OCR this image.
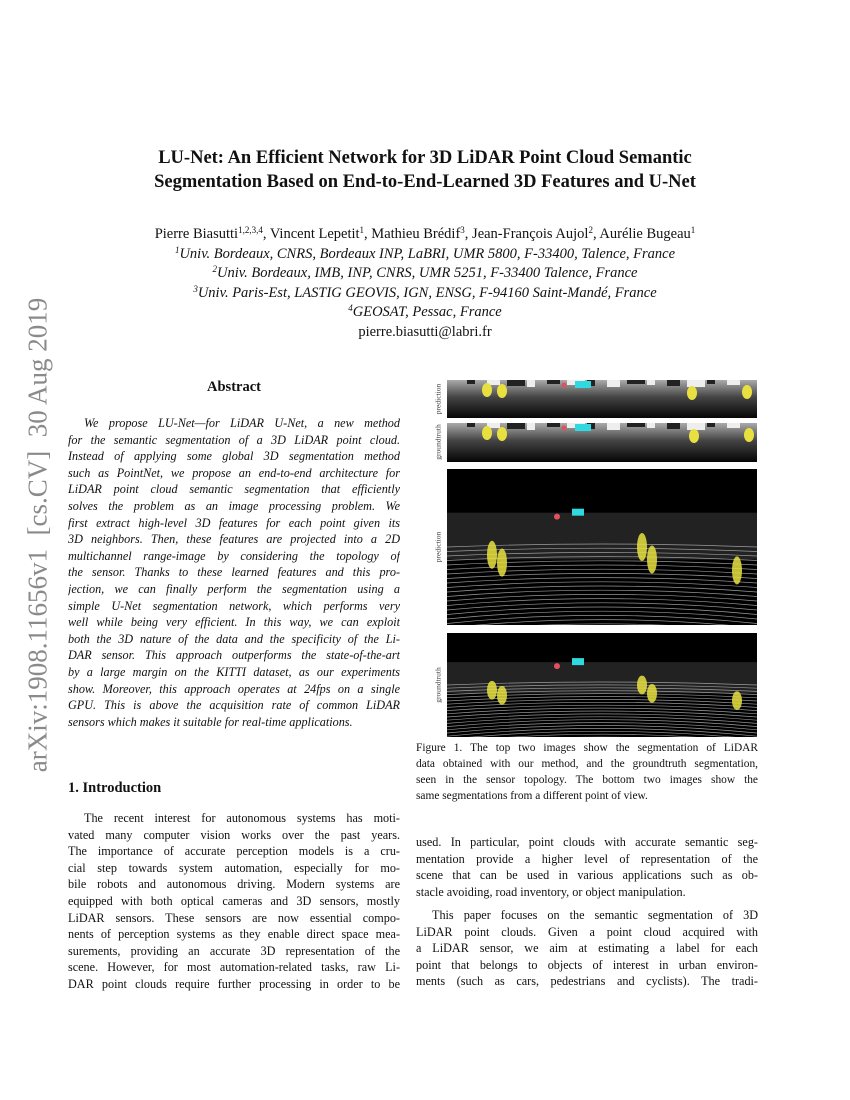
arXiv:1908.11656v1  [cs.CV]  30 Aug 2019
LU-Net: An Efficient Network for 3D LiDAR Point Cloud Semantic
Segmentation Based on End-to-End-Learned 3D Features and U-Net
Pierre Biasutti$^{1,2,3,4}$, Vincent Lepetit$^1$, Mathieu Brédif$^3$, Jean-François Aujol$^2$, Aurélie Bugeau$^1$
$^1$Univ. Bordeaux, CNRS, Bordeaux INP, LaBRI, UMR 5800, F-33400, Talence, France
$^2$Univ. Bordeaux, IMB, INP, CNRS, UMR 5251, F-33400 Talence, France
$^3$Univ. Paris-Est, LASTIG GEOVIS, IGN, ENSG, F-94160 Saint-Mandé, France
$^4$GEOSAT, Pessac, France
pierre.biasutti@labri.fr
Abstract
We propose LU-Net—for LiDAR U-Net, a new method
for the semantic segmentation of a 3D LiDAR point cloud.
Instead of applying some global 3D segmentation method
such as PointNet, we propose an end-to-end architecture for
LiDAR point cloud semantic segmentation that efficiently
solves the problem as an image processing problem. We
first extract high-level 3D features for each point given its
3D neighbors. Then, these features are projected into a 2D
multichannel range-image by considering the topology of
the sensor. Thanks to these learned features and this pro-
jection, we can finally perform the segmentation using a
simple U-Net segmentation network, which performs very
well while being very efficient. In this way, we can exploit
both the 3D nature of the data and the specificity of the Li-
DAR sensor. This approach outperforms the state-of-the-art
by a large margin on the KITTI dataset, as our experiments
show. Moreover, this approach operates at 24fps on a single
GPU. This is above the acquisition rate of common LiDAR
sensors which makes it suitable for real-time applications.
1. Introduction
The recent interest for autonomous systems has moti-
vated many computer vision works over the past years.
The importance of accurate perception models is a cru-
cial step towards system automation, especially for mo-
bile robots and autonomous driving. Modern systems are
equipped with both optical cameras and 3D sensors, mostly
LiDAR sensors. These sensors are now essential compo-
nents of perception systems as they enable direct space mea-
surements, providing an accurate 3D representation of the
scene. However, for most automation-related tasks, raw Li-
DAR point clouds require further processing in order to be
prediction
groundtruth
prediction
groundtruth
Figure 1. The top two images show the segmentation of LiDAR
data obtained with our method, and the groundtruth segmentation,
seen in the sensor topology. The bottom two images show the
same segmentations from a different point of view.
used. In particular, point clouds with accurate semantic seg-
mentation provide a higher level of representation of the
scene that can be used in various applications such as ob-
stacle avoiding, road inventory, or object manipulation.
This paper focuses on the semantic segmentation of 3D
LiDAR point clouds. Given a point cloud acquired with
a LiDAR sensor, we aim at estimating a label for each
point that belongs to objects of interest in urban environ-
ments (such as cars, pedestrians and cyclists). The tradi-
